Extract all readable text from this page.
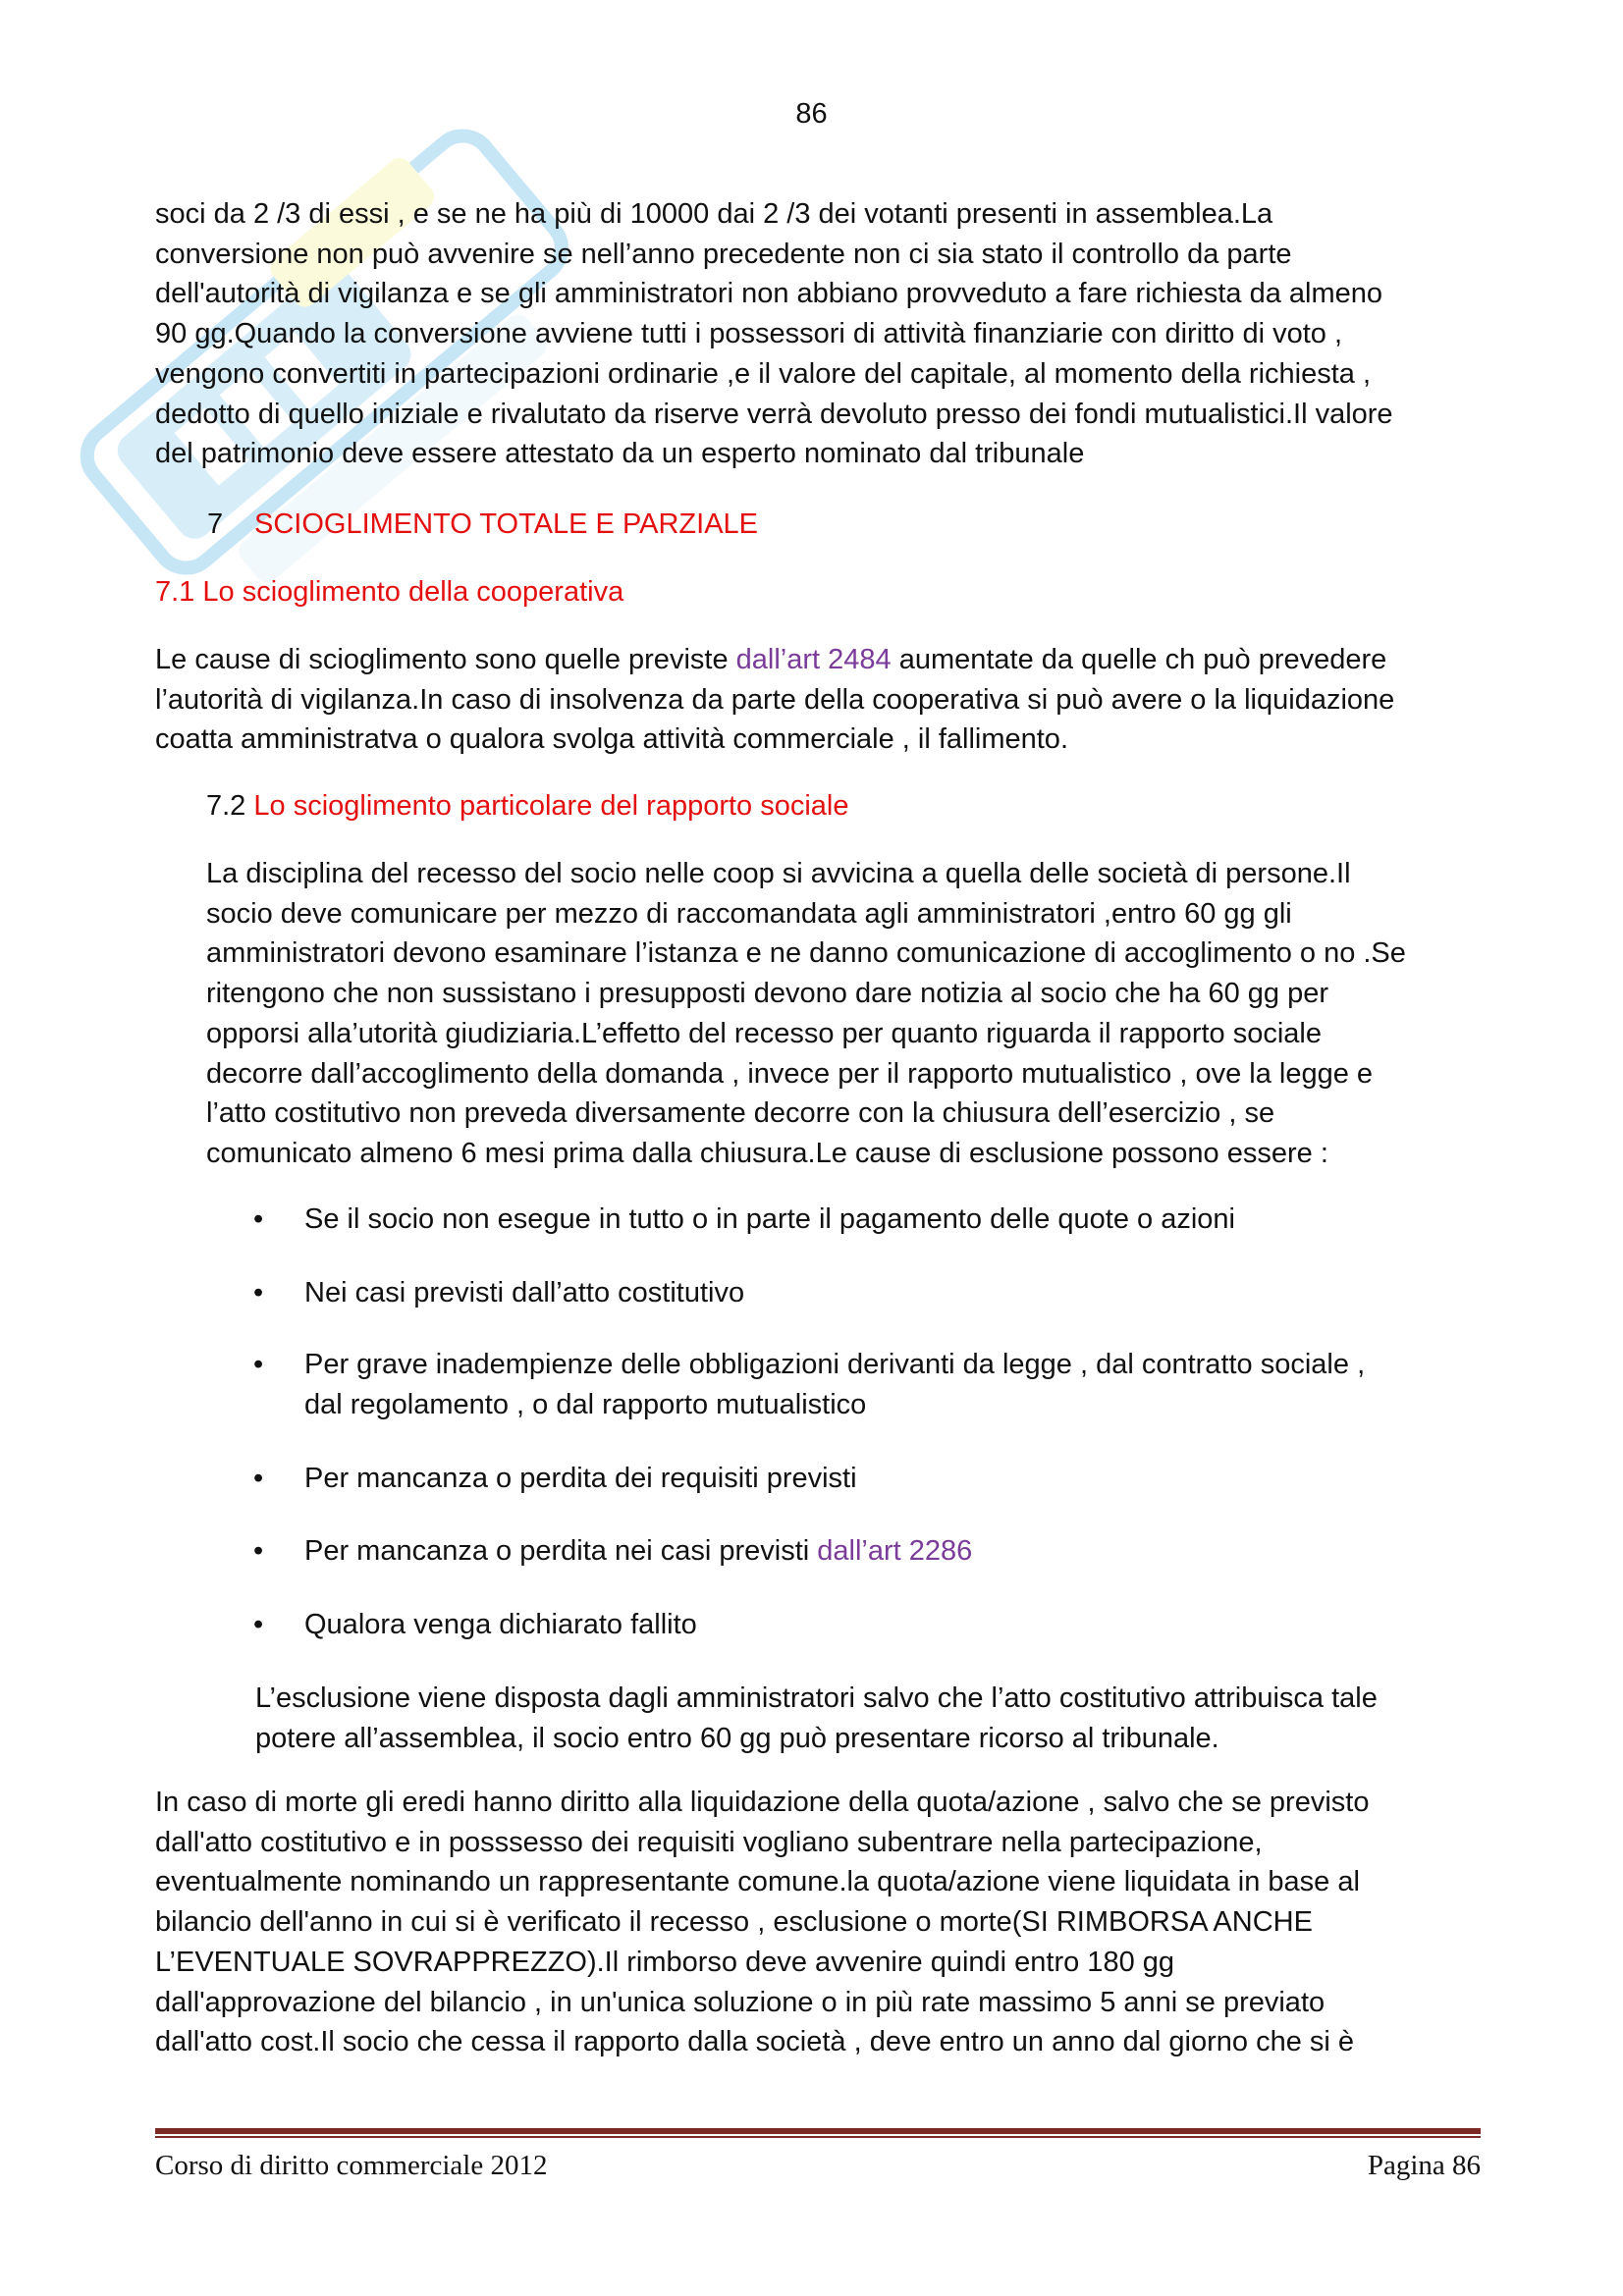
86
soci da 2 /3 di essi , e se ne ha più di 10000 dai 2 /3 dei votanti presenti in assemblea.La
conversione non può avvenire se nell’anno precedente non ci sia stato il controllo da parte
dell'autorità di vigilanza e se gli amministratori non abbiano provveduto a fare richiesta da almeno
90 gg.Quando la conversione avviene tutti i possessori di attività finanziarie con diritto di voto ,
vengono convertiti in partecipazioni ordinarie ,e il valore del capitale, al momento della richiesta ,
dedotto di quello iniziale e rivalutato da riserve verrà devoluto presso dei fondi mutualistici.Il valore
del patrimonio deve essere attestato da un esperto nominato dal tribunale
7 SCIOGLIMENTO TOTALE E PARZIALE
7.1 Lo scioglimento della cooperativa
Le cause di scioglimento sono quelle previste dall’art 2484 aumentate da quelle ch può prevedere
l’autorità di vigilanza.In caso di insolvenza da parte della cooperativa si può avere o la liquidazione
coatta amministratva o qualora svolga attività commerciale , il fallimento.
7.2 Lo scioglimento particolare del rapporto sociale
La disciplina del recesso del socio nelle coop si avvicina a quella delle società di persone.Il
socio deve comunicare per mezzo di raccomandata agli amministratori ,entro 60 gg gli
amministratori devono esaminare l’istanza e ne danno comunicazione di accoglimento o no .Se
ritengono che non sussistano i presupposti devono dare notizia al socio che ha 60 gg per
opporsi alla’utorità giudiziaria.L’effetto del recesso per quanto riguarda il rapporto sociale
decorre dall’accoglimento della domanda , invece per il rapporto mutualistico , ove la legge e
l’atto costitutivo non preveda diversamente decorre con la chiusura dell’esercizio , se
comunicato almeno 6 mesi prima dalla chiusura.Le cause di esclusione possono essere :
• Se il socio non esegue in tutto o in parte il pagamento delle quote o azioni
• Nei casi previsti dall’atto costitutivo
• Per grave inadempienze delle obbligazioni derivanti da legge , dal contratto sociale ,
dal regolamento , o dal rapporto mutualistico
• Per mancanza o perdita dei requisiti previsti
• Per mancanza o perdita nei casi previsti dall’art 2286
• Qualora venga dichiarato fallito
L’esclusione viene disposta dagli amministratori salvo che l’atto costitutivo attribuisca tale
potere all’assemblea, il socio entro 60 gg può presentare ricorso al tribunale.
In caso di morte gli eredi hanno diritto alla liquidazione della quota/azione , salvo che se previsto
dall'atto costitutivo e in posssesso dei requisiti vogliano subentrare nella partecipazione,
eventualmente nominando un rappresentante comune.la quota/azione viene liquidata in base al
bilancio dell'anno in cui si è verificato il recesso , esclusione o morte(SI RIMBORSA ANCHE
L’EVENTUALE SOVRAPPREZZO).Il rimborso deve avvenire quindi entro 180 gg
dall'approvazione del bilancio , in un'unica soluzione o in più rate massimo 5 anni se previato
dall'atto cost.Il socio che cessa il rapporto dalla società , deve entro un anno dal giorno che si è
Corso di diritto commerciale 2012	Pagina 86
